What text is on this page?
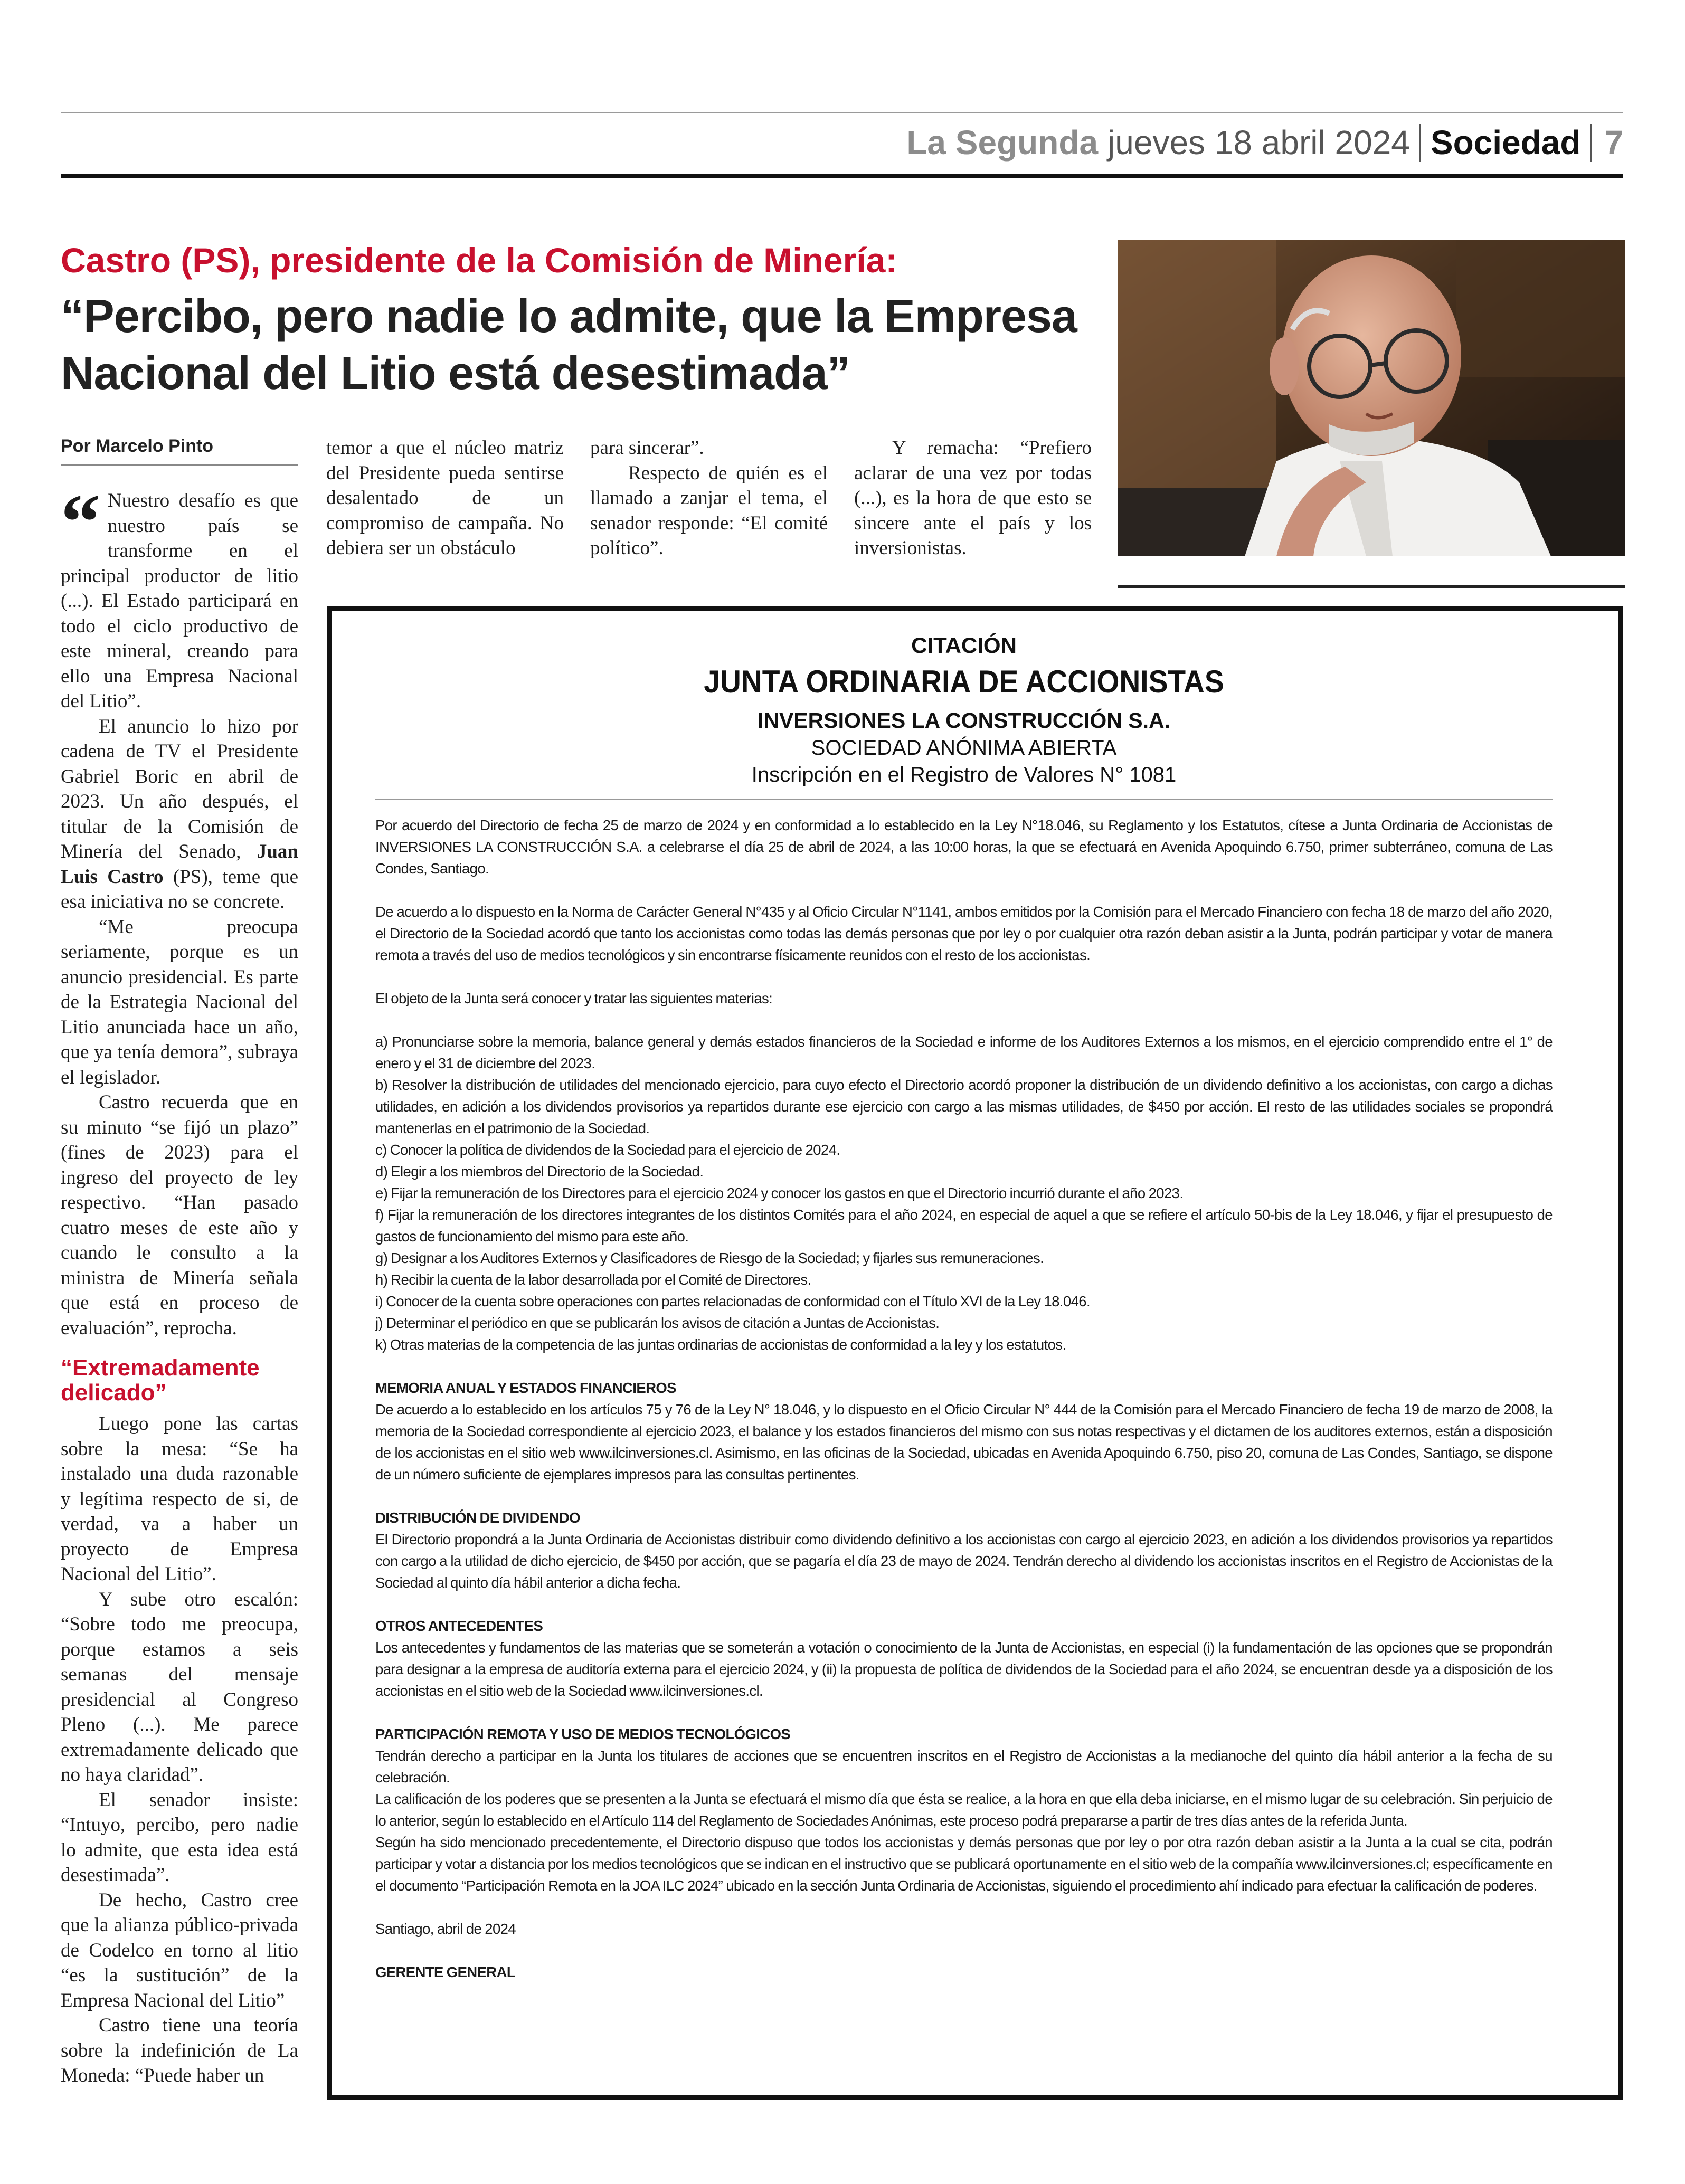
La Segunda jueves 18 abril 2024 Sociedad 7
Castro (PS), presidente de la Comisión de Minería:
“Percibo, pero nadie lo admite, que la Empresa Nacional del Litio está desestimada”
Por Marcelo Pinto

“ Nuestro desafío es que nuestro país se transforme en el principal productor de litio (...). El Estado participará en todo el ciclo productivo de este mineral, creando para ello una Empresa Nacional del Litio”.

El anuncio lo hizo por cadena de TV el Presidente Gabriel Boric en abril de 2023. Un año después, el titular de la Comisión de Minería del Senado, Juan Luis Castro (PS), teme que esa iniciativa no se concrete.

“Me preocupa seriamente, porque es un anuncio presidencial. Es parte de la Estrategia Nacional del Litio anunciada hace un año, que ya tenía demora”, subraya el legislador.

Castro recuerda que en su minuto “se fijó un plazo” (fines de 2023) para el ingreso del proyecto de ley respectivo. “Han pasado cuatro meses de este año y cuando le consulto a la ministra de Minería señala que está en proceso de evaluación”, reprocha.

“Extremadamente delicado”

Luego pone las cartas sobre la mesa: “Se ha instalado una duda razonable y legítima respecto de si, de verdad, va a haber un proyecto de Empresa Nacional del Litio”.

Y sube otro escalón: “Sobre todo me preocupa, porque estamos a seis semanas del mensaje presidencial al Congreso Pleno (...). Me parece extremadamente delicado que no haya claridad”.

El senador insiste: “Intuyo, percibo, pero nadie lo admite, que esta idea está desestimada”.

De hecho, Castro cree que la alianza público-privada de Codelco en torno al litio “es la sustitución” de la Empresa Nacional del Litio”

Castro tiene una teoría sobre la indefinición de La Moneda: “Puede haber un

temor a que el núcleo matriz del Presidente pueda sentirse desalentado de un compromiso de campaña. No debiera ser un obstáculo

para sincerar”.

Respecto de quién es el llamado a zanjar el tema, el senador responde: “El comité político”.

Y remacha: “Prefiero aclarar de una vez por todas (...), es la hora de que esto se sincere ante el país y los inversionistas.

CITACIÓN
JUNTA ORDINARIA DE ACCIONISTAS
INVERSIONES LA CONSTRUCCIÓN S.A.
SOCIEDAD ANÓNIMA ABIERTA
Inscripción en el Registro de Valores N° 1081

Por acuerdo del Directorio de fecha 25 de marzo de 2024 y en conformidad a lo establecido en la Ley N°18.046, su Reglamento y los Estatutos, cítese a Junta Ordinaria de Accionistas de INVERSIONES LA CONSTRUCCIÓN S.A. a celebrarse el día 25 de abril de 2024, a las 10:00 horas, la que se efectuará en Avenida Apoquindo 6.750, primer subterráneo, comuna de Las Condes, Santiago.

De acuerdo a lo dispuesto en la Norma de Carácter General N°435 y al Oficio Circular N°1141, ambos emitidos por la Comisión para el Mercado Financiero con fecha 18 de marzo del año 2020, el Directorio de la Sociedad acordó que tanto los accionistas como todas las demás personas que por ley o por cualquier otra razón deban asistir a la Junta, podrán participar y votar de manera remota a través del uso de medios tecnológicos y sin encontrarse físicamente reunidos con el resto de los accionistas.

El objeto de la Junta será conocer y tratar las siguientes materias:

a) Pronunciarse sobre la memoria, balance general y demás estados financieros de la Sociedad e informe de los Auditores Externos a los mismos, en el ejercicio comprendido entre el 1° de enero y el 31 de diciembre del 2023.
b) Resolver la distribución de utilidades del mencionado ejercicio, para cuyo efecto el Directorio acordó proponer la distribución de un dividendo definitivo a los accionistas, con cargo a dichas utilidades, en adición a los dividendos provisorios ya repartidos durante ese ejercicio con cargo a las mismas utilidades, de $450 por acción. El resto de las utilidades sociales se propondrá mantenerlas en el patrimonio de la Sociedad.
c) Conocer la política de dividendos de la Sociedad para el ejercicio de 2024.
d) Elegir a los miembros del Directorio de la Sociedad.
e) Fijar la remuneración de los Directores para el ejercicio 2024 y conocer los gastos en que el Directorio incurrió durante el año 2023.
f) Fijar la remuneración de los directores integrantes de los distintos Comités para el año 2024, en especial de aquel a que se refiere el artículo 50-bis de la Ley 18.046, y fijar el presupuesto de gastos de funcionamiento del mismo para este año.
g) Designar a los Auditores Externos y Clasificadores de Riesgo de la Sociedad; y fijarles sus remuneraciones.
h) Recibir la cuenta de la labor desarrollada por el Comité de Directores.
i) Conocer de la cuenta sobre operaciones con partes relacionadas de conformidad con el Título XVI de la Ley 18.046.
j) Determinar el periódico en que se publicarán los avisos de citación a Juntas de Accionistas.
k) Otras materias de la competencia de las juntas ordinarias de accionistas de conformidad a la ley y los estatutos.
MEMORIA ANUAL Y ESTADOS FINANCIEROS

De acuerdo a lo establecido en los artículos 75 y 76 de la Ley N° 18.046, y lo dispuesto en el Oficio Circular N° 444 de la Comisión para el Mercado Financiero de fecha 19 de marzo de 2008, la memoria de la Sociedad correspondiente al ejercicio 2023, el balance y los estados financieros del mismo con sus notas respectivas y el dictamen de los auditores externos, están a disposición de los accionistas en el sitio web www.ilcinversiones.cl. Asimismo, en las oficinas de la Sociedad, ubicadas en Avenida Apoquindo 6.750, piso 20, comuna de Las Condes, Santiago, se dispone de un número suficiente de ejemplares impresos para las consultas pertinentes.

DISTRIBUCIÓN DE DIVIDENDO

El Directorio propondrá a la Junta Ordinaria de Accionistas distribuir como dividendo definitivo a los accionistas con cargo al ejercicio 2023, en adición a los dividendos provisorios ya repartidos con cargo a la utilidad de dicho ejercicio, de $450 por acción, que se pagaría el día 23 de mayo de 2024. Tendrán derecho al dividendo los accionistas inscritos en el Registro de Accionistas de la Sociedad al quinto día hábil anterior a dicha fecha.

OTROS ANTECEDENTES

Los antecedentes y fundamentos de las materias que se someterán a votación o conocimiento de la Junta de Accionistas, en especial (i) la fundamentación de las opciones que se propondrán para designar a la empresa de auditoría externa para el ejercicio 2024, y (ii) la propuesta de política de dividendos de la Sociedad para el año 2024, se encuentran desde ya a disposición de los accionistas en el sitio web de la Sociedad www.ilcinversiones.cl.

PARTICIPACIÓN REMOTA Y USO DE MEDIOS TECNOLÓGICOS

Tendrán derecho a participar en la Junta los titulares de acciones que se encuentren inscritos en el Registro de Accionistas a la medianoche del quinto día hábil anterior a la fecha de su celebración.

La calificación de los poderes que se presenten a la Junta se efectuará el mismo día que ésta se realice, a la hora en que ella deba iniciarse, en el mismo lugar de su celebración. Sin perjuicio de lo anterior, según lo establecido en el Artículo 114 del Reglamento de Sociedades Anónimas, este proceso podrá prepararse a partir de tres días antes de la referida Junta.

Según ha sido mencionado precedentemente, el Directorio dispuso que todos los accionistas y demás personas que por ley o por otra razón deban asistir a la Junta a la cual se cita, podrán participar y votar a distancia por los medios tecnológicos que se indican en el instructivo que se publicará oportunamente en el sitio web de la compañía www.ilcinversiones.cl; específicamente en el documento “Participación Remota en la JOA ILC 2024” ubicado en la sección Junta Ordinaria de Accionistas, siguiendo el procedimiento ahí indicado para efectuar la calificación de poderes.

Santiago, abril de 2024

GERENTE GENERAL
